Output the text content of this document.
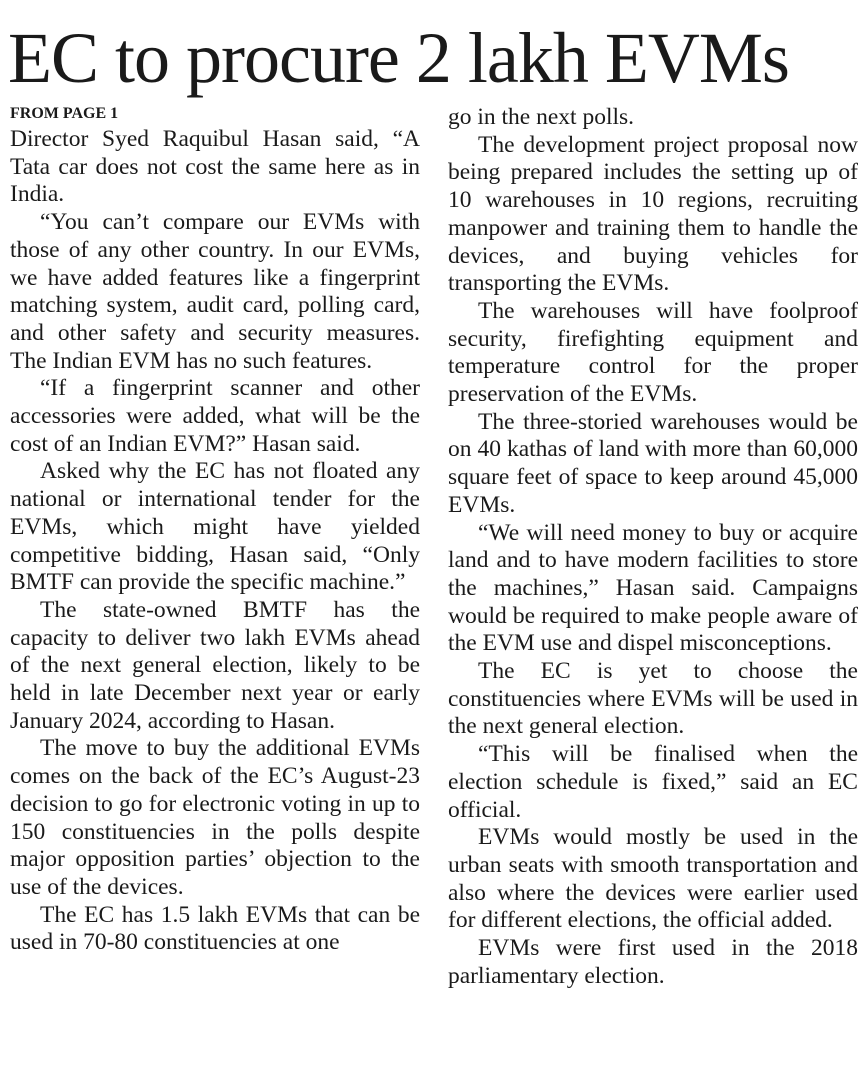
EC to procure 2 lakh EVMs
FROM PAGE 1

Director Syed Raquibul Hasan said, “A Tata car does not cost the same here as in India.

“You can’t compare our EVMs with those of any other country. In our EVMs, we have added features like a fingerprint matching system, audit card, polling card, and other safety and security measures. The Indian EVM has no such features.

“If a fingerprint scanner and other accessories were added, what will be the cost of an Indian EVM?” Hasan said.

Asked why the EC has not floated any national or international tender for the EVMs, which might have yielded competitive bidding, Hasan said, “Only BMTF can provide the specific machine.”

The state-owned BMTF has the capacity to deliver two lakh EVMs ahead of the next general election, likely to be held in late December next year or early January 2024, according to Hasan.

The move to buy the additional EVMs comes on the back of the EC’s August-23 decision to go for electronic voting in up to 150 constituencies in the polls despite major opposition parties’ objection to the use of the devices.

The EC has 1.5 lakh EVMs that can be used in 70-80 constituencies at one

go in the next polls.

The development project proposal now being prepared includes the setting up of 10 warehouses in 10 regions, recruiting manpower and training them to handle the devices, and buying vehicles for transporting the EVMs.

The warehouses will have foolproof security, firefighting equipment and temperature control for the proper preservation of the EVMs.

The three-storied warehouses would be on 40 kathas of land with more than 60,000 square feet of space to keep around 45,000 EVMs.

“We will need money to buy or acquire land and to have modern facilities to store the machines,” Hasan said. Campaigns would be required to make people aware of the EVM use and dispel misconceptions.

The EC is yet to choose the constituencies where EVMs will be used in the next general election.

“This will be finalised when the election schedule is fixed,” said an EC official.

EVMs would mostly be used in the urban seats with smooth transportation and also where the devices were earlier used for different elections, the official added.

EVMs were first used in the 2018 parliamentary election.
